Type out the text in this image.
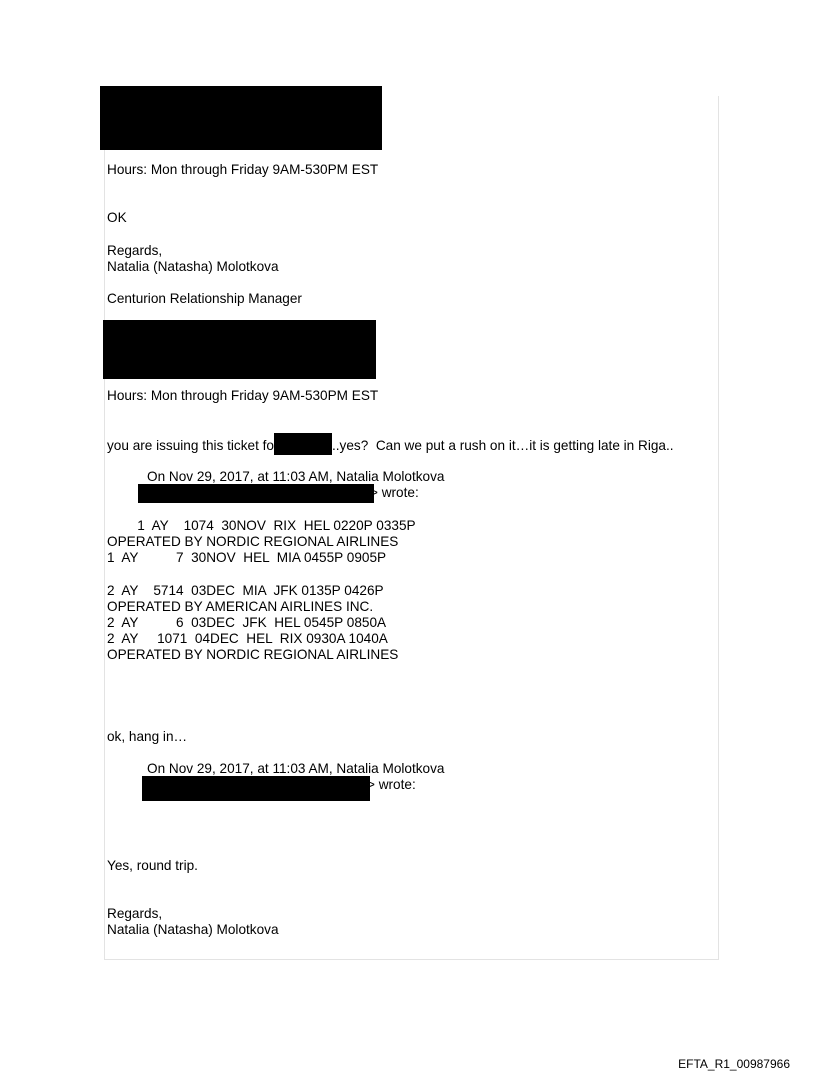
Hours: Mon through Friday 9AM-530PM EST
OK
Regards,
Natalia (Natasha) Molotkova
Centurion Relationship Manager
Hours: Mon through Friday 9AM-530PM EST
you are issuing this ticket fo	..yes?  Can we put a rush on it…it is getting late in Riga..
On Nov 29, 2017, at 11:03 AM, Natalia Molotkova
> wrote:
1  AY    1074  30NOV  RIX  HEL 0220P 0335P
OPERATED BY NORDIC REGIONAL AIRLINES
1  AY          7  30NOV  HEL  MIA 0455P 0905P
2  AY    5714  03DEC  MIA  JFK 0135P 0426P
OPERATED BY AMERICAN AIRLINES INC.
2  AY          6  03DEC  JFK  HEL 0545P 0850A
2  AY     1071  04DEC  HEL  RIX 0930A 1040A
OPERATED BY NORDIC REGIONAL AIRLINES
ok, hang in…
On Nov 29, 2017, at 11:03 AM, Natalia Molotkova
> wrote:
Yes, round trip.
Regards,
Natalia (Natasha) Molotkova
EFTA_R1_00987966
